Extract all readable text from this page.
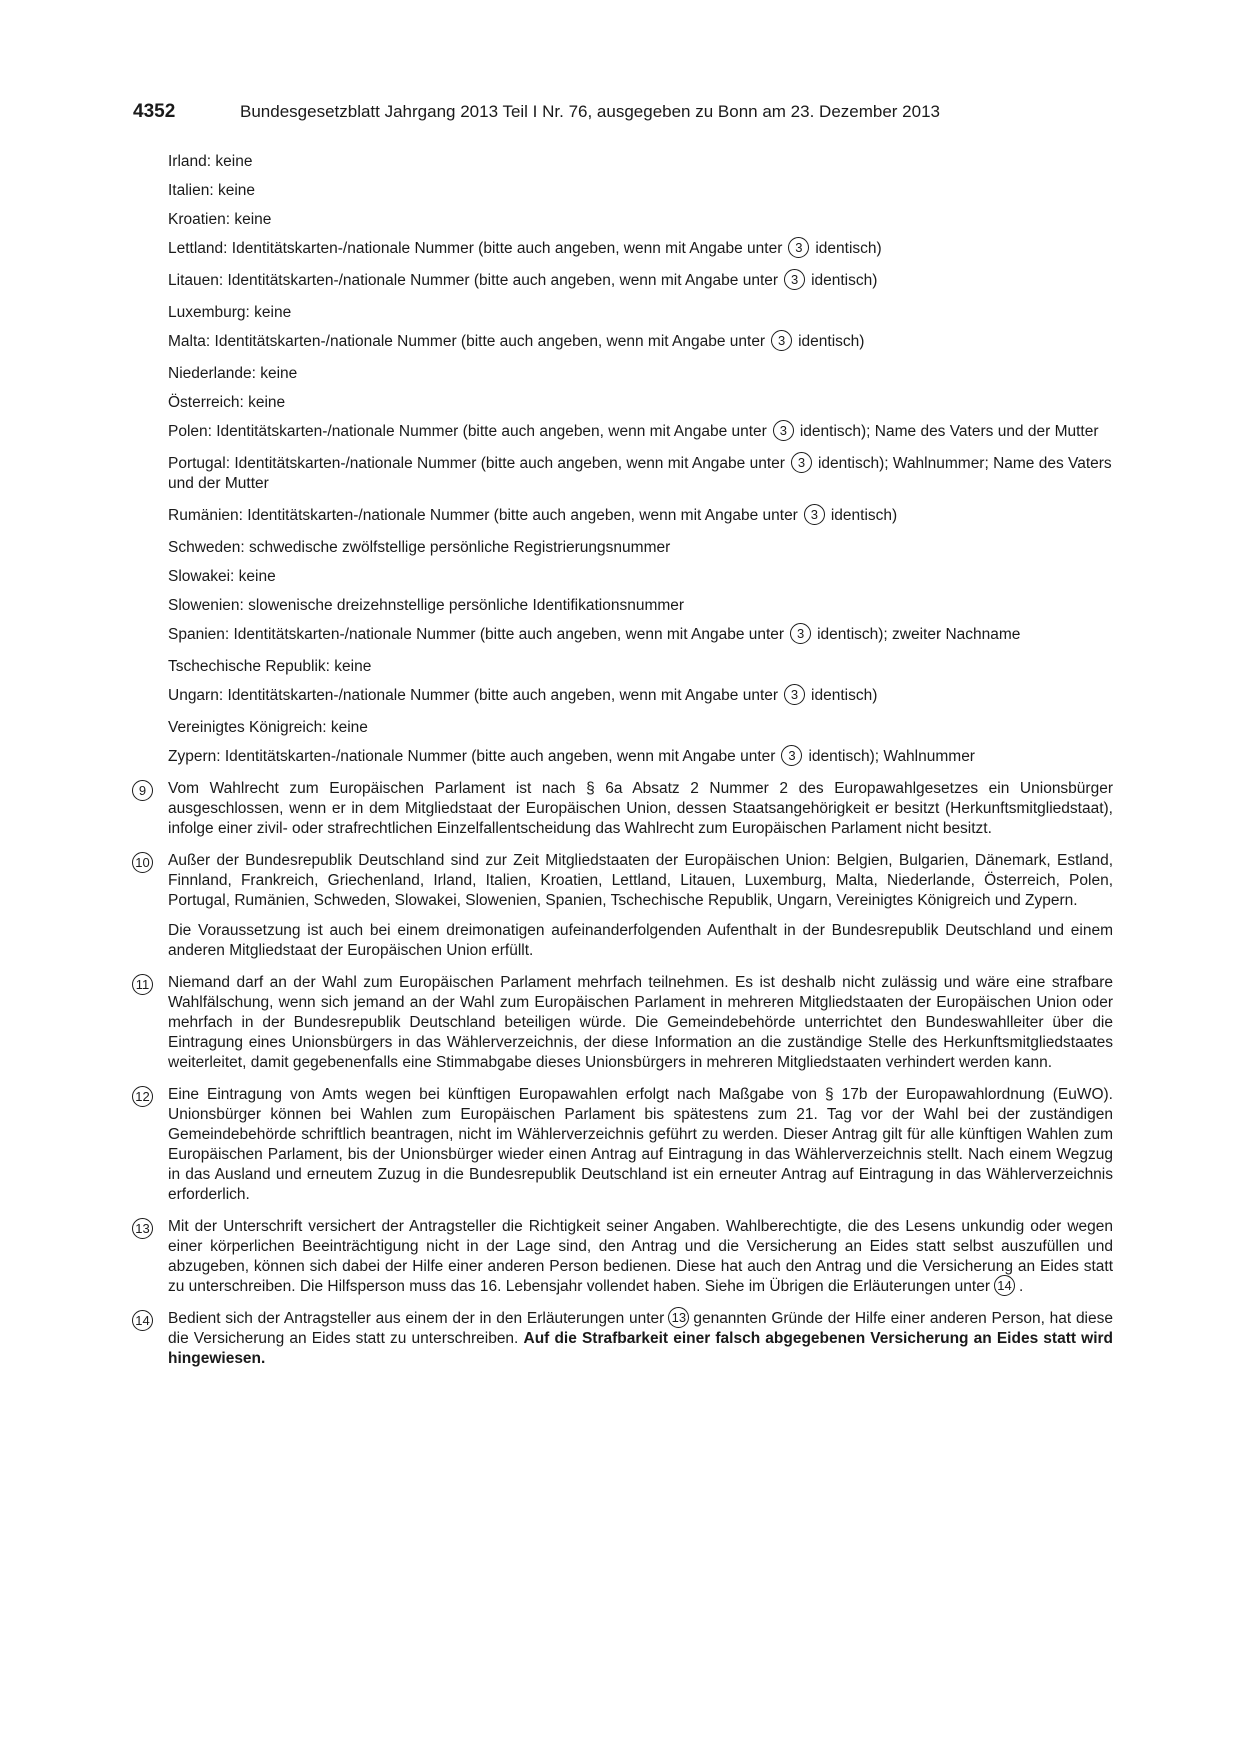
4352	Bundesgesetzblatt Jahrgang 2013 Teil I Nr. 76, ausgegeben zu Bonn am 23. Dezember 2013

Irland: keine

Italien: keine

Kroatien: keine

Lettland: Identitätskarten-/nationale Nummer (bitte auch angeben, wenn mit Angabe unter 3 identisch)

Litauen: Identitätskarten-/nationale Nummer (bitte auch angeben, wenn mit Angabe unter 3 identisch)

Luxemburg: keine

Malta: Identitätskarten-/nationale Nummer (bitte auch angeben, wenn mit Angabe unter 3 identisch)

Niederlande: keine

Österreich: keine

Polen: Identitätskarten-/nationale Nummer (bitte auch angeben, wenn mit Angabe unter 3 identisch); Name des Vaters und der Mutter

Portugal: Identitätskarten-/nationale Nummer (bitte auch angeben, wenn mit Angabe unter 3 identisch); Wahlnummer; Name des Vaters und der Mutter

Rumänien: Identitätskarten-/nationale Nummer (bitte auch angeben, wenn mit Angabe unter 3 identisch)

Schweden: schwedische zwölfstellige persönliche Registrierungsnummer

Slowakei: keine

Slowenien: slowenische dreizehnstellige persönliche Identifikationsnummer

Spanien: Identitätskarten-/nationale Nummer (bitte auch angeben, wenn mit Angabe unter 3 identisch); zweiter Nachname

Tschechische Republik: keine

Ungarn: Identitätskarten-/nationale Nummer (bitte auch angeben, wenn mit Angabe unter 3 identisch)

Vereinigtes Königreich: keine

Zypern: Identitätskarten-/nationale Nummer (bitte auch angeben, wenn mit Angabe unter 3 identisch); Wahlnummer

9	Vom Wahlrecht zum Europäischen Parlament ist nach § 6a Absatz 2 Nummer 2 des Europawahlgesetzes ein Unionsbürger ausgeschlossen, wenn er in dem Mitgliedstaat der Europäischen Union, dessen Staatsangehörigkeit er besitzt (Herkunftsmitgliedstaat), infolge einer zivil- oder strafrechtlichen Einzelfallentscheidung das Wahlrecht zum Europäischen Parlament nicht besitzt.

10 Außer der Bundesrepublik Deutschland sind zur Zeit Mitgliedstaaten der Europäischen Union: Belgien, Bulgarien, Dänemark, Estland, Finnland, Frankreich, Griechenland, Irland, Italien, Kroatien, Lettland, Litauen, Luxemburg, Malta, Niederlande, Österreich, Polen, Portugal, Rumänien, Schweden, Slowakei, Slowenien, Spanien, Tschechische Republik, Ungarn, Vereinigtes Königreich und Zypern.

Die Voraussetzung ist auch bei einem dreimonatigen aufeinanderfolgenden Aufenthalt in der Bundesrepublik Deutschland und einem anderen Mitgliedstaat der Europäischen Union erfüllt.

11 Niemand darf an der Wahl zum Europäischen Parlament mehrfach teilnehmen. Es ist deshalb nicht zulässig und wäre eine strafbare Wahlfälschung, wenn sich jemand an der Wahl zum Europäischen Parlament in mehreren Mitgliedstaaten der Europäischen Union oder mehrfach in der Bundesrepublik Deutschland beteiligen würde. Die Gemeindebehörde unterrichtet den Bundeswahlleiter über die Eintragung eines Unionsbürgers in das Wählerverzeichnis, der diese Information an die zuständige Stelle des Herkunftsmitgliedstaates weiterleitet, damit gegebenenfalls eine Stimmabgabe dieses Unionsbürgers in mehreren Mitgliedstaaten verhindert werden kann.

12 Eine Eintragung von Amts wegen bei künftigen Europawahlen erfolgt nach Maßgabe von § 17b der Europawahlordnung (EuWO). Unionsbürger können bei Wahlen zum Europäischen Parlament bis spätestens zum 21. Tag vor der Wahl bei der zuständigen Gemeindebehörde schriftlich beantragen, nicht im Wählerverzeichnis geführt zu werden. Dieser Antrag gilt für alle künftigen Wahlen zum Europäischen Parlament, bis der Unionsbürger wieder einen Antrag auf Eintragung in das Wählerverzeichnis stellt. Nach einem Wegzug in das Ausland und erneutem Zuzug in die Bundesrepublik Deutschland ist ein erneuter Antrag auf Eintragung in das Wählerverzeichnis erforderlich.

13 Mit der Unterschrift versichert der Antragsteller die Richtigkeit seiner Angaben. Wahlberechtigte, die des Lesens unkundig oder wegen einer körperlichen Beeinträchtigung nicht in der Lage sind, den Antrag und die Versicherung an Eides statt selbst auszufüllen und abzugeben, können sich dabei der Hilfe einer anderen Person bedienen. Diese hat auch den Antrag und die Versicherung an Eides statt zu unterschreiben. Die Hilfsperson muss das 16. Lebensjahr vollendet haben. Siehe im Übrigen die Erläuterungen unter 14 .

14 Bedient sich der Antragsteller aus einem der in den Erläuterungen unter 13 genannten Gründe der Hilfe einer anderen Person, hat diese die Versicherung an Eides statt zu unterschreiben. Auf die Strafbarkeit einer falsch abgegebenen Versicherung an Eides statt wird hingewiesen.
